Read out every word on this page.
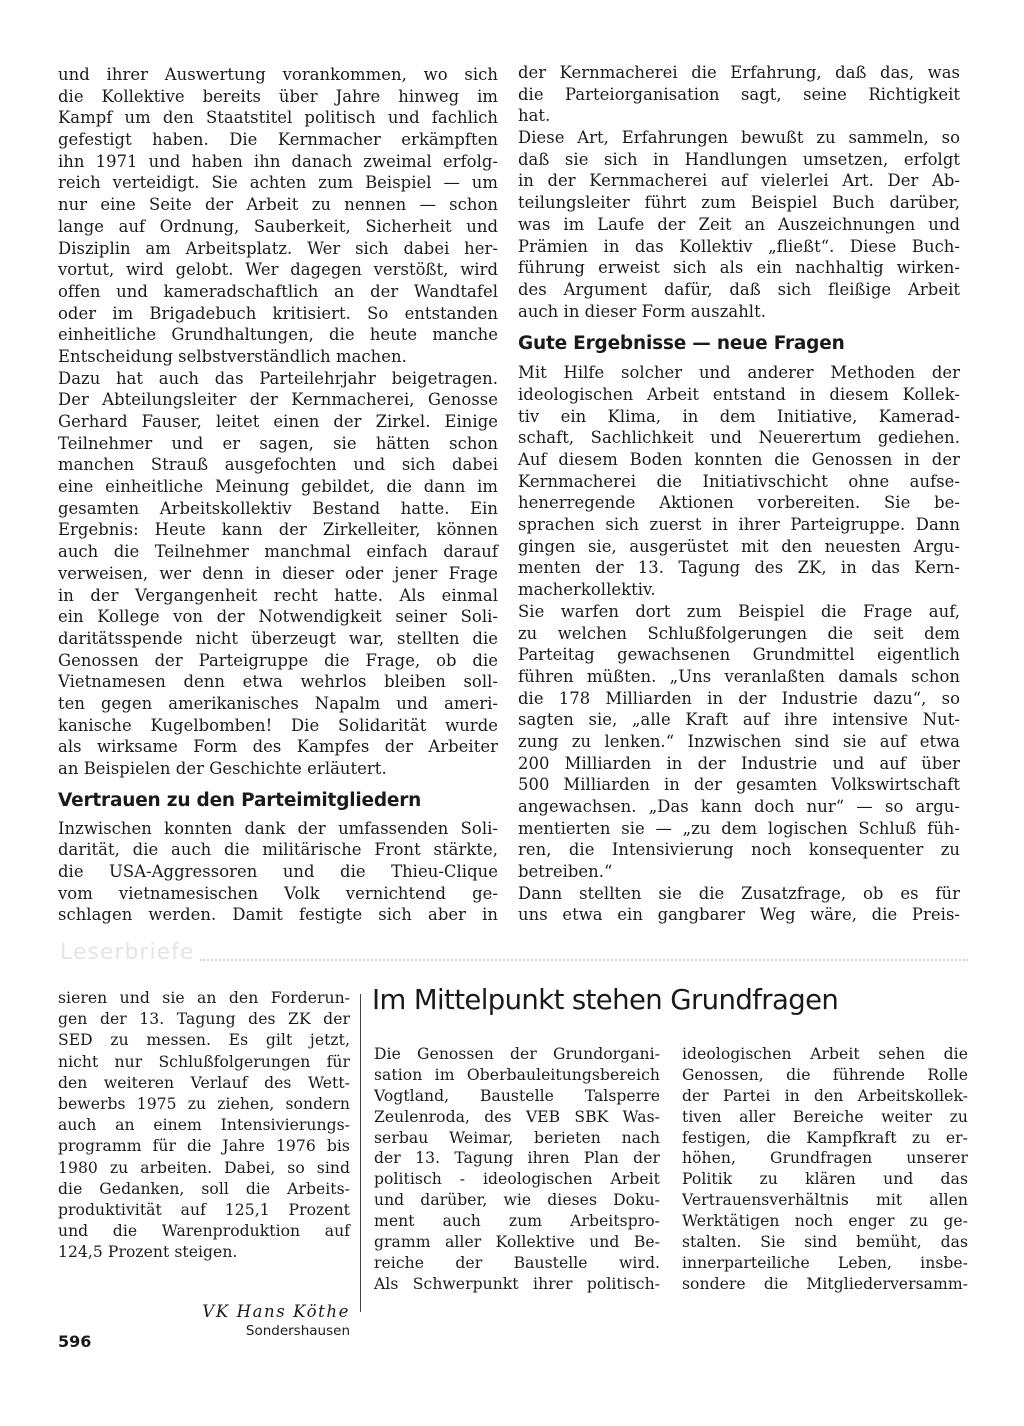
und ihrer Auswertung vorankommen, wo sich
die Kollektive bereits über Jahre hinweg im
Kampf um den Staatstitel politisch und fachlich
gefestigt haben. Die Kernmacher erkämpften
ihn 1971 und haben ihn danach zweimal erfolg-
reich verteidigt. Sie achten zum Beispiel — um
nur eine Seite der Arbeit zu nennen — schon
lange auf Ordnung, Sauberkeit, Sicherheit und
Disziplin am Arbeitsplatz. Wer sich dabei her-
vortut, wird gelobt. Wer dagegen verstößt, wird
offen und kameradschaftlich an der Wandtafel
oder im Brigadebuch kritisiert. So entstanden
einheitliche Grundhaltungen, die heute manche
Entscheidung selbstverständlich machen.
Dazu hat auch das Parteilehrjahr beigetragen.
Der Abteilungsleiter der Kernmacherei, Genosse
Gerhard Fauser, leitet einen der Zirkel. Einige
Teilnehmer und er sagen, sie hätten schon
manchen Strauß ausgefochten und sich dabei
eine einheitliche Meinung gebildet, die dann im
gesamten Arbeitskollektiv Bestand hatte. Ein
Ergebnis: Heute kann der Zirkelleiter, können
auch die Teilnehmer manchmal einfach darauf
verweisen, wer denn in dieser oder jener Frage
in der Vergangenheit recht hatte. Als einmal
ein Kollege von der Notwendigkeit seiner Soli-
daritätsspende nicht überzeugt war, stellten die
Genossen der Parteigruppe die Frage, ob die
Vietnamesen denn etwa wehrlos bleiben soll-
ten gegen amerikanisches Napalm und ameri-
kanische Kugelbomben! Die Solidarität wurde
als wirksame Form des Kampfes der Arbeiter
an Beispielen der Geschichte erläutert.
Vertrauen zu den Parteimitgliedern
Inzwischen konnten dank der umfassenden Soli-
darität, die auch die militärische Front stärkte,
die USA-Aggressoren und die Thieu-Clique
vom vietnamesischen Volk vernichtend ge-
schlagen werden. Damit festigte sich aber in
der Kernmacherei die Erfahrung, daß das, was
die Parteiorganisation sagt, seine Richtigkeit
hat.
Diese Art, Erfahrungen bewußt zu sammeln, so
daß sie sich in Handlungen umsetzen, erfolgt
in der Kernmacherei auf vielerlei Art. Der Ab-
teilungsleiter führt zum Beispiel Buch darüber,
was im Laufe der Zeit an Auszeichnungen und
Prämien in das Kollektiv „fließt“. Diese Buch-
führung erweist sich als ein nachhaltig wirken-
des Argument dafür, daß sich fleißige Arbeit
auch in dieser Form auszahlt.
Gute Ergebnisse — neue Fragen
Mit Hilfe solcher und anderer Methoden der
ideologischen Arbeit entstand in diesem Kollek-
tiv ein Klima, in dem Initiative, Kamerad-
schaft, Sachlichkeit und Neuerertum gediehen.
Auf diesem Boden konnten die Genossen in der
Kernmacherei die Initiativschicht ohne aufse-
henerregende Aktionen vorbereiten. Sie be-
sprachen sich zuerst in ihrer Parteigruppe. Dann
gingen sie, ausgerüstet mit den neuesten Argu-
menten der 13. Tagung des ZK, in das Kern-
macherkollektiv.
Sie warfen dort zum Beispiel die Frage auf,
zu welchen Schlußfolgerungen die seit dem
Parteitag gewachsenen Grundmittel eigentlich
führen müßten. „Uns veranlaßten damals schon
die 178 Milliarden in der Industrie dazu“, so
sagten sie, „alle Kraft auf ihre intensive Nut-
zung zu lenken.“ Inzwischen sind sie auf etwa
200 Milliarden in der Industrie und auf über
500 Milliarden in der gesamten Volkswirtschaft
angewachsen. „Das kann doch nur“ — so argu-
mentierten sie — „zu dem logischen Schluß füh-
ren, die Intensivierung noch konsequenter zu
betreiben.“
Dann stellten sie die Zusatzfrage, ob es für
uns etwa ein gangbarer Weg wäre, die Preis-
Leserbriefe
sieren und sie an den Forderun-
gen der 13. Tagung des ZK der
SED zu messen. Es gilt jetzt,
nicht nur Schlußfolgerungen für
den weiteren Verlauf des Wett-
bewerbs 1975 zu ziehen, sondern
auch an einem Intensivierungs-
programm für die Jahre 1976 bis
1980 zu arbeiten. Dabei, so sind
die Gedanken, soll die Arbeits-
produktivität auf 125,1 Prozent
und die Warenproduktion auf
124,5 Prozent steigen.
VK Hans Köthe
Sondershausen
596
Im Mittelpunkt stehen Grundfragen
Die Genossen der Grundorgani-
sation im Oberbauleitungsbereich
Vogtland, Baustelle Talsperre
Zeulenroda, des VEB SBK Was-
serbau Weimar, berieten nach
der 13. Tagung ihren Plan der
politisch - ideologischen Arbeit
und darüber, wie dieses Doku-
ment auch zum Arbeitspro-
gramm aller Kollektive und Be-
reiche der Baustelle wird.
Als Schwerpunkt ihrer politisch-
ideologischen Arbeit sehen die
Genossen, die führende Rolle
der Partei in den Arbeitskollek-
tiven aller Bereiche weiter zu
festigen, die Kampfkraft zu er-
höhen, Grundfragen unserer
Politik zu klären und das
Vertrauensverhältnis mit allen
Werktätigen noch enger zu ge-
stalten. Sie sind bemüht, das
innerparteiliche Leben, insbe-
sondere die Mitgliederversamm-
